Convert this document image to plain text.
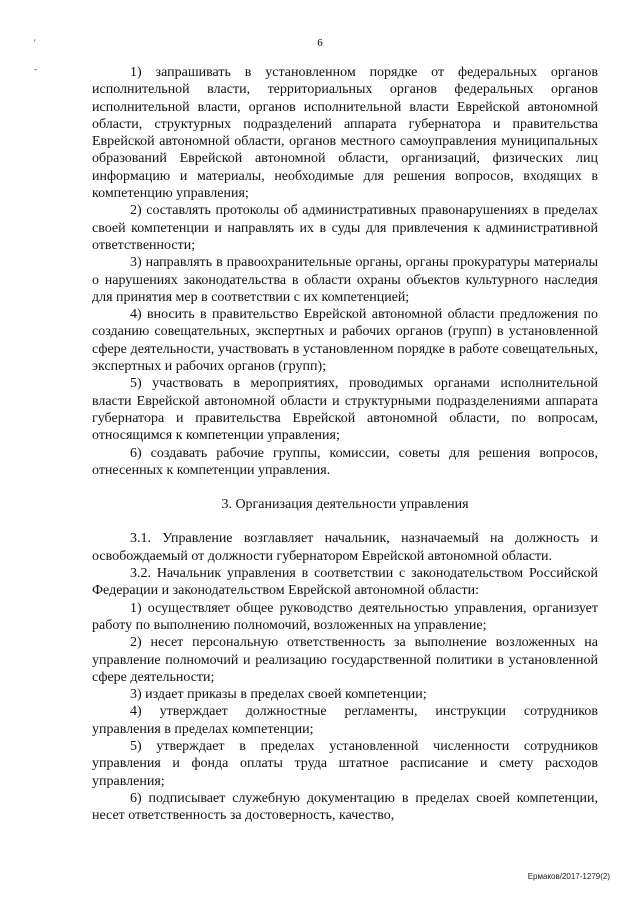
6
'
-	1) запрашивать в установленном порядке от федеральных органов исполнительной власти, территориальных органов федеральных органов исполнительной власти, органов исполнительной власти Еврейской автономной области, структурных подразделений аппарата губернатора и правительства Еврейской автономной области, органов местного самоуправления муниципальных образований Еврейской автономной области, организаций, физических лиц информацию и материалы, необходимые для решения вопросов, входящих в компетенцию управления;

2) составлять протоколы об административных правонарушениях в пределах своей компетенции и направлять их в суды для привлечения к административной ответственности;

3) направлять в правоохранительные органы, органы прокуратуры материалы о нарушениях законодательства в области охраны объектов культурного наследия для принятия мер в соответствии с их компетенцией;

4) вносить в правительство Еврейской автономной области предложения по созданию совещательных, экспертных и рабочих органов (групп) в установленной сфере деятельности, участвовать в установленном порядке в работе совещательных, экспертных и рабочих органов (групп);

5) участвовать в мероприятиях, проводимых органами исполнительной власти Еврейской автономной области и структурными подразделениями аппарата губернатора и правительства Еврейской автономной области, по вопросам, относящимся к компетенции управления;

6) создавать рабочие группы, комиссии, советы для решения вопросов, отнесенных к компетенции управления.

3. Организация деятельности управления

3.1. Управление возглавляет начальник, назначаемый на должность и освобождаемый от должности губернатором Еврейской автономной области.

3.2. Начальник управления в соответствии с законодательством Российской Федерации и законодательством Еврейской автономной области:

1) осуществляет общее руководство деятельностью управления, организует работу по выполнению полномочий, возложенных на управление;

2) несет персональную ответственность за выполнение возложенных на управление полномочий и реализацию государственной политики в установленной сфере деятельности;

3) издает приказы в пределах своей компетенции;

4) утверждает должностные регламенты, инструкции сотрудников управления в пределах компетенции;

5) утверждает в пределах установленной численности сотрудников управления и фонда оплаты труда штатное расписание и смету расходов управления;

6) подписывает служебную документацию в пределах своей компетенции, несет ответственность за достоверность, качество,

Ермаков/2017-1279(2)
